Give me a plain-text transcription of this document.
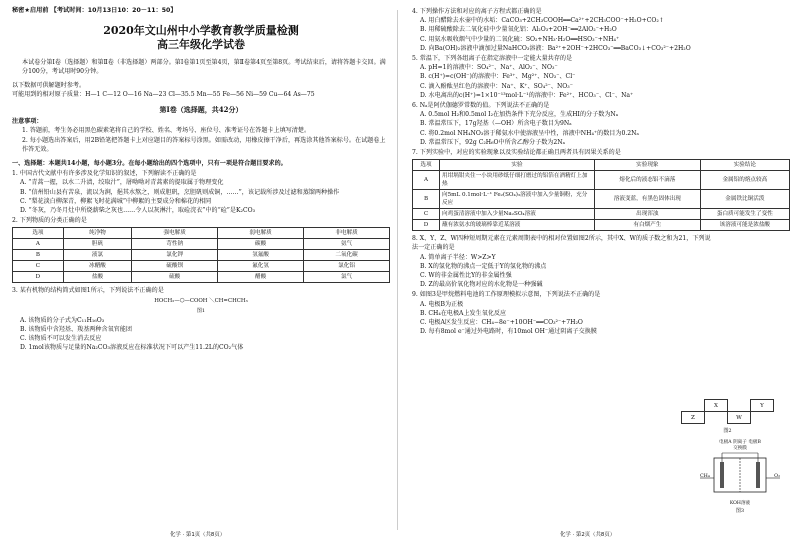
秘密★启用前 【考试时间：10月13日10：20－11：50】
2020年文山州中小学教育教学质量检测
高三年级化学试卷

本试卷分第Ⅰ卷（选择题）和第Ⅱ卷（非选择题）两部分。第Ⅰ卷第1页至第4页，第Ⅱ卷第4页至第8页。考试结束后，请将答题卡交回。满分100分，考试用时90分钟。

以下数据可供解题时参考。

可能用到的相对原子质量：H—1 C—12 O—16 Na—23 Cl—35.5 Mn—55 Fe—56 Ni—59 Cu—64 As—75

第Ⅰ卷（选择题，共42分）

注意事项：

1. 答题前，考生务必用黑色碳素笔将自己的学校、姓名、考场号、座位号、准考证号在答题卡上填写清楚。

2. 每小题选出答案后，用2B铅笔把答题卡上对应题目的答案标号涂黑。如需改动，用橡皮擦干净后，再选涂其他答案标号。在试题卷上作答无效。

一、选择题：本题共14小题，每小题3分。在每小题给出的四个选项中，只有一项是符合题目要求的。

1. 中国古代文献中有许多涉及化学知识的叙述，下列解读不正确的是

A. “青蒿一握，以水二升渍，绞取汁”，屠呦呦对青蒿素的提取属于物理变化

B. “信州铅山县有苦泉，流以为涧，挹其水熬之，则成胆矾，烹胆矾则成铜，……”，该记载所涉及过滤和蒸馏两种操作

C. “梨花淡白柳深青，柳絮飞时花满城”中柳絮的主要成分和棉花的相同

D. “冬灰，乃冬月灶中所烧薪柴之灰也……令人以灰淋汁，取硷浣衣”中的“硷”是K₂CO₃

2. 下列物质的分类正确的是

选项	纯净物	强电解质	弱电解质	非电解质
A	胆矾	苛性钠	碳酸	氨气
B	液氯	氯化钾	氢氟酸	二氧化碳
C	冰醋酸	硫酸钡	氟化氢	氯化铝
D	盐酸	硫酸	醋酸	氯气

3. 某有机物的结构简式如图1所示，下列说法不正确的是

HOCH₂—⬡—COOH ＼CH=CHCH₃
图1

A. 该物质的分子式为C₁₁H₁₆O₃

B. 该物质中含羟基、羧基两种含氧官能团

C. 该物质不可以发生消去反应

D. 1mol该物质与足量的Na₂CO₃溶液反应在标准状况下可以产生11.2L的CO₂气体

化学 · 第1页（共8页）

4. 下列操作方法和对应的离子方程式都正确的是

A. 用白醋除去水壶中的水垢：CaCO₃+2CH₃COOH══Ca²⁺+2CH₃COO⁻+H₂O+CO₂↑

B. 用稀硫酸除去二氧化硅中少量氧化铝：Al₂O₃+2OH⁻══2AlO₂⁻+H₂O

C. 用氨水吸收烟气中少量的二氧化硫：SO₂+NH₃·H₂O══HSO₃⁻+NH₄⁺

D. 向Ba(OH)₂溶液中滴加过量NaHCO₃溶液：Ba²⁺+2OH⁻+2HCO₃⁻══BaCO₃↓+CO₃²⁻+2H₂O

5. 常温下，下列各组离子在指定溶液中一定能大量共存的是

A. pH=1的溶液中：SO₄²⁻、Na⁺、AlO₂⁻、NO₃⁻

B. c(H⁺)=c(OH⁻)的溶液中：Fe³⁺、Mg²⁺、NO₃⁻、Cl⁻

C. 滴入酚酞呈红色的溶液中：Na⁺、K⁺、SO₄²⁻、NO₃⁻

D. 水电离出的c(H⁺)=1×10⁻¹³mol·L⁻¹的溶液中：Fe²⁺、HCO₃⁻、Cl⁻、Na⁺

6. Nₐ是阿伏伽德罗常数的值。下列说法不正确的是

A. 0.5mol H₂和0.5mol I₂在加热条件下充分反应，生成HI的分子数为Nₐ

B. 常温常压下，17g羟基（—OH）所含电子数目为9Nₐ

C. 将0.2mol NH₄NO₃溶于稀氨水中使溶液呈中性，溶液中NH₄⁺的数目为0.2Nₐ

D. 常温常压下，92g C₂H₆O中所含乙醇分子数为2Nₐ

7. 下列实验中，对应的实验现象以及实验结论都正确且两者具有因果关系的是

选项	实验	实验现象	实验结论
A	用坩埚钳夹住一小块用砂纸仔细打磨过的铝箔在酒精灯上加热	熔化后的液态铝不滴落	金属铝的熔点较高
B	向5mL 0.1mol·L⁻¹ Fe₂(SO₄)₃溶液中加入少量铜粉，充分反应	溶液变蓝，有黑色固体出现	金属铁比铜活泼
C	向鸡蛋清溶液中加入少量Na₂SO₄溶液	出现浑浊	蛋白质可能发生了变性
D	蘸有浓氨水的玻璃棒靠近某溶液	有白烟产生	该溶液可能是浓盐酸

8. X、Y、Z、W四种短周期元素在元素周期表中的相对位置如图2所示，其中X、W的质子数之和为21，下列说法一定正确的是

A. 简单离子半径：W>Z>Y

B. X的氢化物的沸点一定低于Y的氢化物的沸点

C. W的非金属性比Y的非金属性强

D. Z的最高价氧化物对应的水化物是一种强碱

9. 如图3是甲烷燃料电池的工作原理模拟示意图，下列说法不正确的是

A. 电极B为正极

B. CH₄在电极A上发生氧化反应

C. 电极A区发生反应：CH₄−8e⁻+10OH⁻══CO₃²⁻+7H₂O

D. 每有8mol e⁻通过外电路时，有10mol OH⁻通过阴离子交换膜

	X		Y
Z		W	
图2
电极A 阴离子 电极B
交换膜
CH₄	O₂
KOH溶液
图3
化学 · 第2页（共8页）
